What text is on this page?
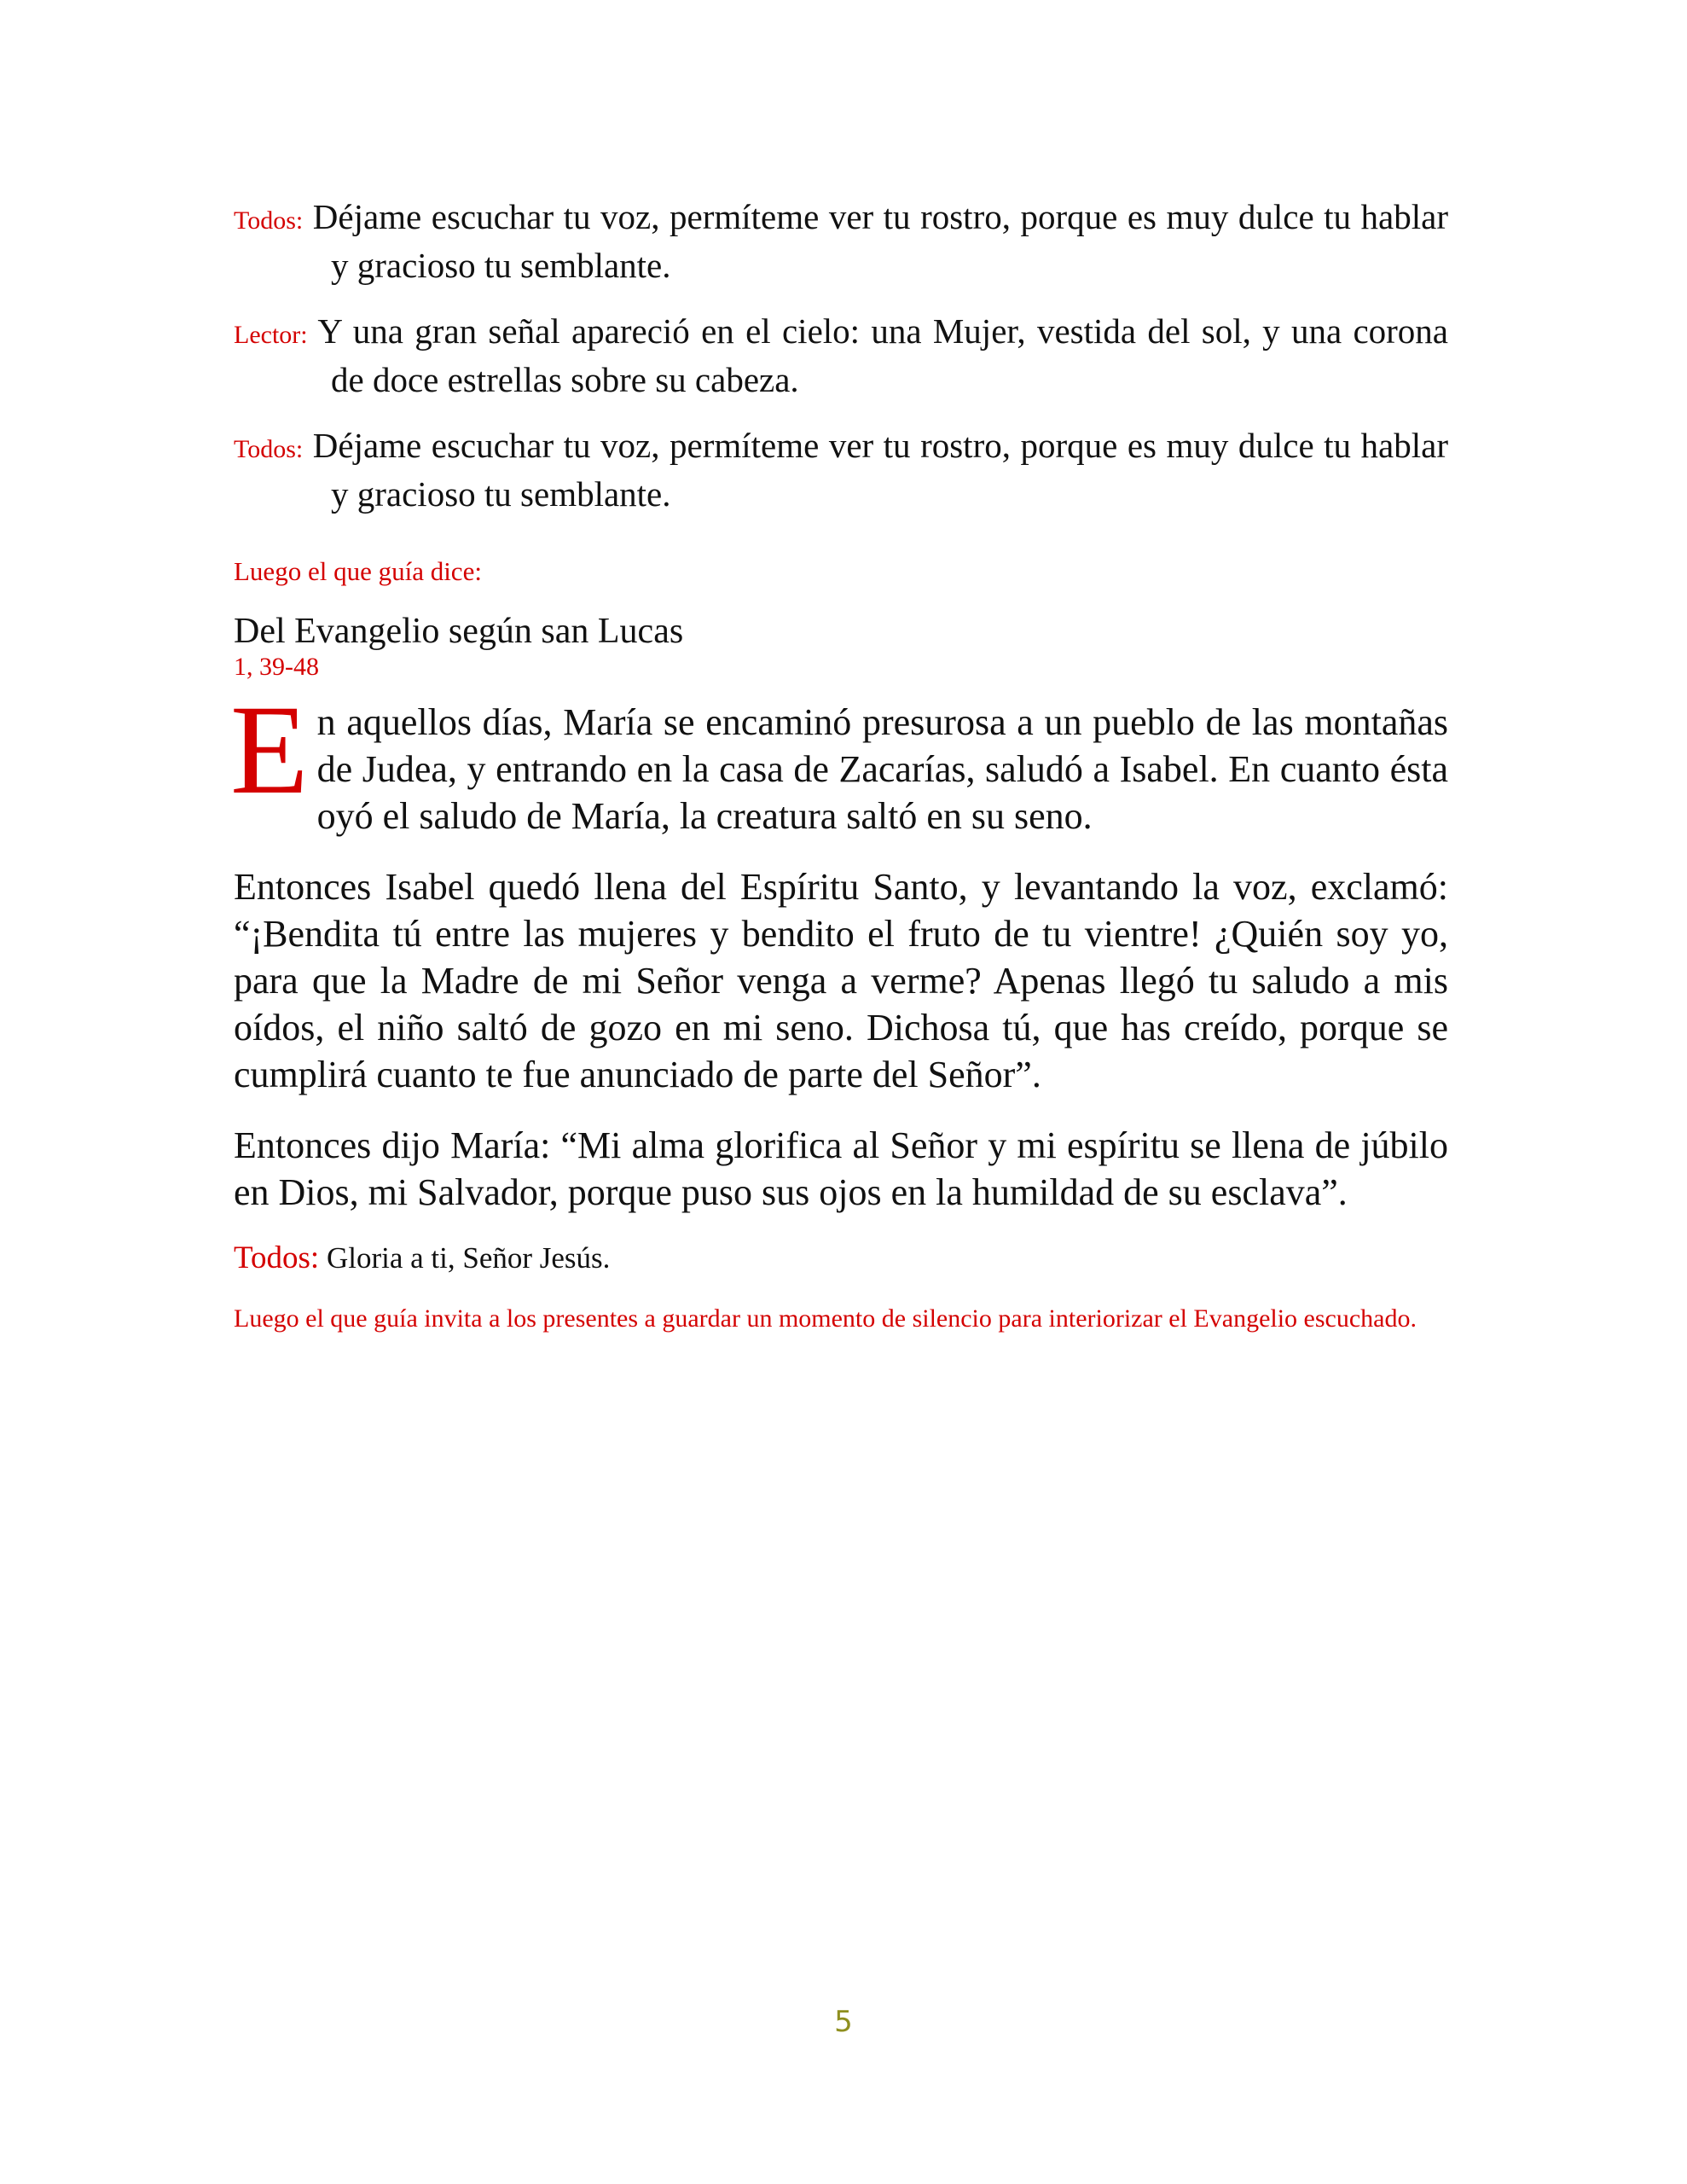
Todos: Déjame escuchar tu voz, permíteme ver tu rostro, porque es muy dulce tu hablar y gracioso tu semblante.

Lector: Y una gran señal apareció en el cielo: una Mujer, vestida del sol, y una corona de doce estrellas sobre su cabeza.

Todos: Déjame escuchar tu voz, permíteme ver tu rostro, porque es muy dulce tu hablar y gracioso tu semblante.

Luego el que guía dice:

Del Evangelio según san Lucas

1, 39-48

En aquellos días, María se encaminó presurosa a un pueblo de las montañas de Judea, y entrando en la casa de Zacarías, saludó a Isabel. En cuanto ésta oyó el saludo de María, la creatura saltó en su seno.

Entonces Isabel quedó llena del Espíritu Santo, y levantando la voz, exclamó: “¡Bendita tú entre las mujeres y bendito el fruto de tu vientre! ¿Quién soy yo, para que la Madre de mi Señor venga a verme? Apenas llegó tu saludo a mis oídos, el niño saltó de gozo en mi seno. Dichosa tú, que has creído, porque se cumplirá cuanto te fue anunciado de parte del Señor”.

Entonces dijo María: “Mi alma glorifica al Señor y mi espíritu se llena de júbilo en Dios, mi Salvador, porque puso sus ojos en la humildad de su esclava”.

Todos: Gloria a ti, Señor Jesús.

Luego el que guía invita a los presentes a guardar un momento de silencio para interiorizar el Evangelio escuchado.

5
